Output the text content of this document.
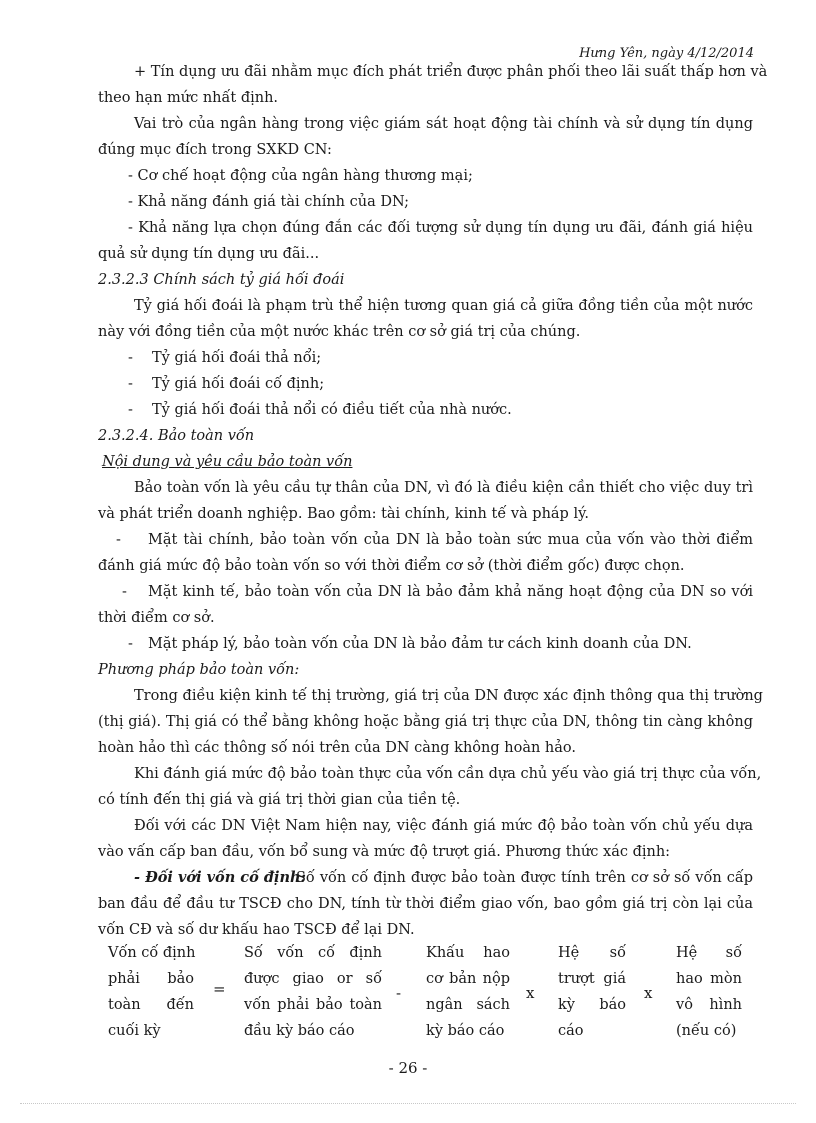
Hưng Yên, ngày 4/12/2014
+ Tín dụng ưu đãi nhằm mục đích phát triển được phân phối theo lãi suất thấp hơn và
theo hạn mức nhất định.
Vai trò của ngân hàng trong việc giám sát hoạt động tài chính và sử dụng tín dụng
đúng mục đích trong SXKD CN:
- Cơ chế hoạt động của ngân hàng thương mại;
- Khả năng đánh giá tài chính của DN;
- Khả năng lựa chọn đúng đắn các đối tượng sử dụng tín dụng ưu đãi, đánh giá hiệu
quả sử dụng tín dụng ưu đãi...
2.3.2.3 Chính sách tỷ giá hối đoái
Tỷ giá hối đoái là phạm trù thể hiện tương quan giá cả giữa đồng tiền của một nước
này với đồng tiền của một nước khác trên cơ sở giá trị của chúng.
-	Tỷ giá hối đoái thả nổi;
-	Tỷ giá hối đoái cố định;
-	Tỷ giá hối đoái thả nổi có điều tiết của nhà nước.
2.3.2.4. Bảo toàn vốn
Nội dung và yêu cầu bảo toàn vốn
Bảo toàn vốn là yêu cầu tự thân của DN, vì đó là điều kiện cần thiết cho việc duy trì
và phát triển doanh nghiệp. Bao gồm: tài chính, kinh tế và pháp lý.
-	Mặt tài chính, bảo toàn vốn của DN là bảo toàn sức mua của vốn vào thời điểm
đánh giá mức độ bảo toàn vốn so với thời điểm cơ sở (thời điểm gốc) được chọn.
-	Mặt kinh tế, bảo toàn vốn của DN là bảo đảm khả năng hoạt động của DN so với
thời điểm cơ sở.
-	Mặt pháp lý, bảo toàn vốn của DN là bảo đảm tư cách kinh doanh của DN.
Phương pháp bảo toàn vốn:
Trong điều kiện kinh tế thị trường, giá trị của DN được xác định thông qua thị trường
(thị giá). Thị giá có thể bằng không hoặc bằng giá trị thực của DN, thông tin càng không
hoàn hảo thì các thông số nói trên của DN càng không hoàn hảo.
Khi đánh giá mức độ bảo toàn thực của vốn cần dựa chủ yếu vào giá trị thực của vốn,
có tính đến thị giá và giá trị thời gian của tiền tệ.
Đối với các DN Việt Nam hiện nay, việc đánh giá mức độ bảo toàn vốn chủ yếu dựa
vào vấn cấp ban đầu, vốn bổ sung và mức độ trượt giá. Phương thức xác định:
- Đối với vốn cố định:
Số vốn cố định được bảo toàn được tính trên cơ sở số vốn cấp
ban đầu để đầu tư TSCĐ cho DN, tính từ thời điểm giao vốn, bao gồm giá trị còn lại của
vốn CĐ và số dư khấu hao TSCĐ để lại DN.
Vốn cố định
phải bảo
toàn đến
cuối kỳ
=
Số vốn cố định
được giao or số
vốn phải bảo toàn
đầu kỳ báo cáo
-
Khấu hao
cơ bản nộp
ngân sách
kỳ báo cáo
x
Hệ số
trượt giá
kỳ báo
cáo
x
Hệ số
hao mòn
vô hình
(nếu có)
- 26 -
